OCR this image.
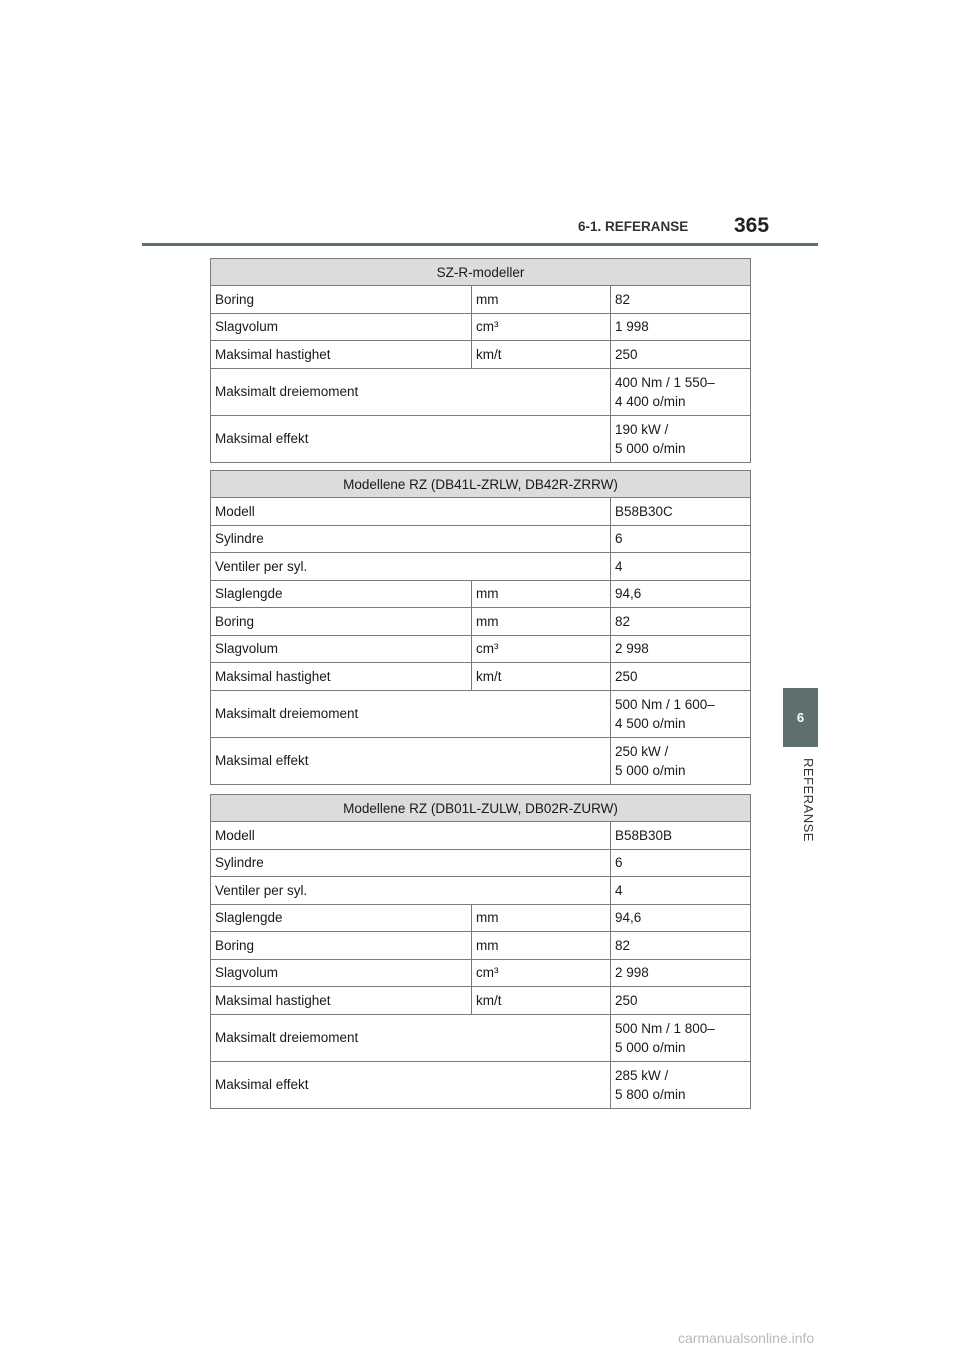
6-1. REFERANSE 365
6
REFERANSE
SZ-R-modeller		
Boring	mm	82
Slagvolum	cm³	1 998
Maksimal hastighet	km/t	250
Maksimalt dreiemoment		400 Nm / 1 550–
4 400 o/min
Maksimal effekt		190 kW /
5 000 o/min
Modellene RZ (DB41L-ZRLW, DB42R-ZRRW)		
Modell		B58B30C
Sylindre		6
Ventiler per syl.		4
Slaglengde	mm	94,6
Boring	mm	82
Slagvolum	cm³	2 998
Maksimal hastighet	km/t	250
Maksimalt dreiemoment		500 Nm / 1 600–
4 500 o/min
Maksimal effekt		250 kW /
5 000 o/min
Modellene RZ (DB01L-ZULW, DB02R-ZURW)		
Modell		B58B30B
Sylindre		6
Ventiler per syl.		4
Slaglengde	mm	94,6
Boring	mm	82
Slagvolum	cm³	2 998
Maksimal hastighet	km/t	250
Maksimalt dreiemoment		500 Nm / 1 800–
5 000 o/min
Maksimal effekt		285 kW /
5 800 o/min
carmanualsonline.info
